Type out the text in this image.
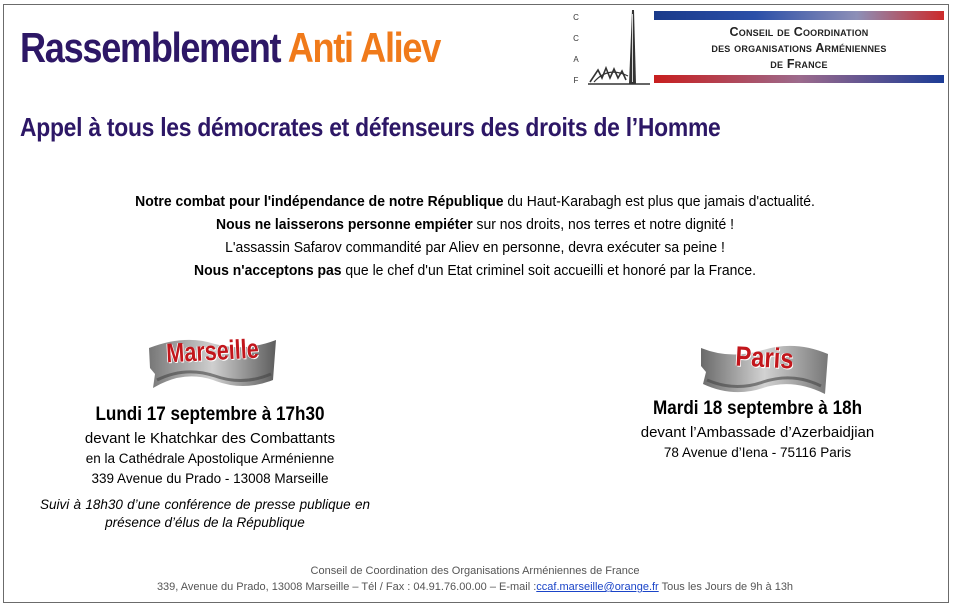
Rassemblement Anti Aliev
C
C
A
F
Conseil de Coordination
des organisations Arméniennes
de France
Appel à tous les démocrates et défenseurs des droits de l’Homme
Notre combat pour l'indépendance de notre République du Haut-Karabagh est plus que jamais d'actualité.
Nous ne laisserons personne empiéter sur nos droits, nos terres et notre dignité !
L'assassin Safarov commandité par Aliev en personne, devra exécuter sa peine !
Nous n'acceptons pas que le chef d'un Etat criminel soit accueilli et honoré par la France.
Marseille	Paris
Lundi 17 septembre à 17h30
devant le Khatchkar des Combattants
en la Cathédrale Apostolique Arménienne
339 Avenue du Prado - 13008 Marseille
Suivi à 18h30 d’une conférence de presse publique en présence d’élus de la République
Mardi 18 septembre à 18h
devant l’Ambassade d’Azerbaidjian
78 Avenue d’Iena - 75116 Paris
Conseil de Coordination des Organisations Arméniennes de France
339, Avenue du Prado, 13008 Marseille – Tél / Fax : 04.91.76.00.00 – E-mail :ccaf.marseille@orange.fr Tous les Jours de 9h à 13h
